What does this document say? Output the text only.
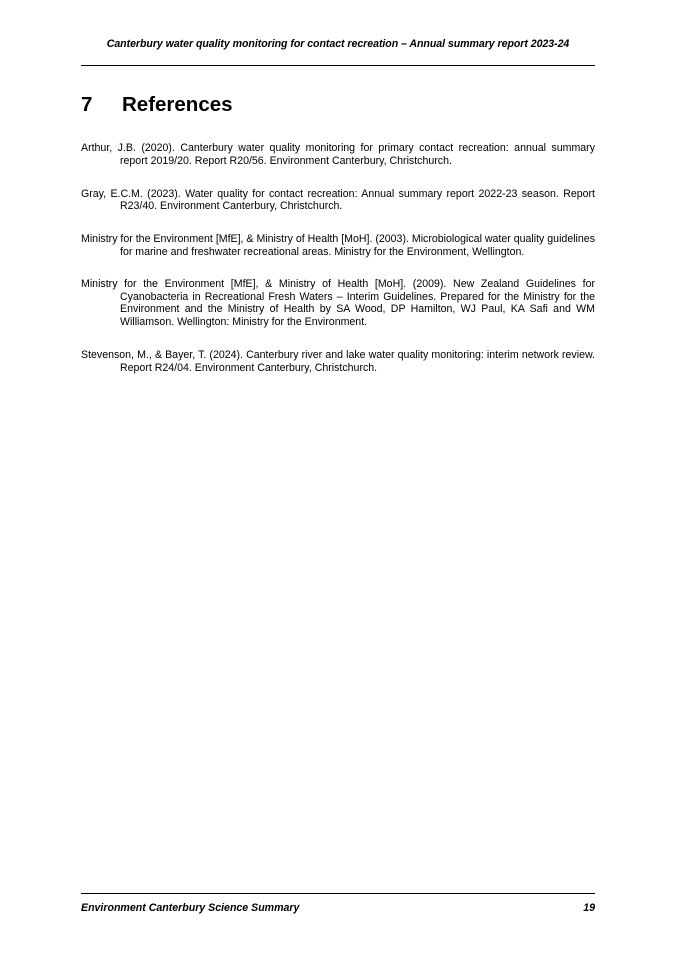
Canterbury water quality monitoring for contact recreation – Annual summary report 2023-24
7 References
Arthur, J.B. (2020). Canterbury water quality monitoring for primary contact recreation: annual summary report 2019/20. Report R20/56. Environment Canterbury, Christchurch.
Gray, E.C.M. (2023). Water quality for contact recreation: Annual summary report 2022-23 season. Report R23/40. Environment Canterbury, Christchurch.
Ministry for the Environment [MfE], & Ministry of Health [MoH]. (2003). Microbiological water quality guidelines for marine and freshwater recreational areas. Ministry for the Environment, Wellington.
Ministry for the Environment [MfE], & Ministry of Health [MoH]. (2009). New Zealand Guidelines for Cyanobacteria in Recreational Fresh Waters – Interim Guidelines. Prepared for the Ministry for the Environment and the Ministry of Health by SA Wood, DP Hamilton, WJ Paul, KA Safi and WM Williamson. Wellington: Ministry for the Environment.
Stevenson, M., & Bayer, T. (2024). Canterbury river and lake water quality monitoring: interim network review. Report R24/04. Environment Canterbury, Christchurch.
Environment Canterbury Science Summary	19
